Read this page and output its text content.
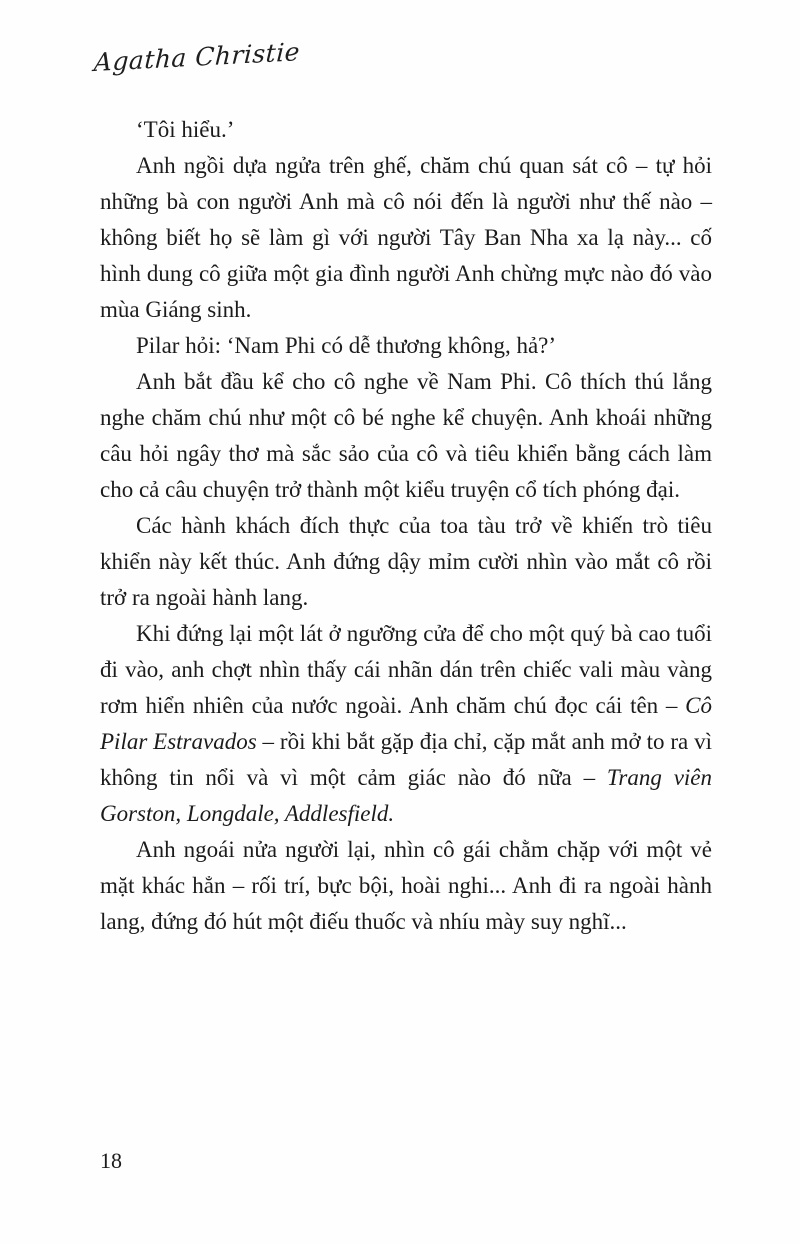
Agatha Christie

‘Tôi hiểu.’

Anh ngồi dựa ngửa trên ghế, chăm chú quan sát cô – tự hỏi những bà con người Anh mà cô nói đến là người như thế nào – không biết họ sẽ làm gì với người Tây Ban Nha xa lạ này... cố hình dung cô giữa một gia đình người Anh chừng mực nào đó vào mùa Giáng sinh.

Pilar hỏi: ‘Nam Phi có dễ thương không, hả?’

Anh bắt đầu kể cho cô nghe về Nam Phi. Cô thích thú lắng nghe chăm chú như một cô bé nghe kể chuyện. Anh khoái những câu hỏi ngây thơ mà sắc sảo của cô và tiêu khiển bằng cách làm cho cả câu chuyện trở thành một kiểu truyện cổ tích phóng đại.

Các hành khách đích thực của toa tàu trở về khiến trò tiêu khiển này kết thúc. Anh đứng dậy mỉm cười nhìn vào mắt cô rồi trở ra ngoài hành lang.

Khi đứng lại một lát ở ngưỡng cửa để cho một quý bà cao tuổi đi vào, anh chợt nhìn thấy cái nhãn dán trên chiếc vali màu vàng rơm hiển nhiên của nước ngoài. Anh chăm chú đọc cái tên – Cô Pilar Estravados – rồi khi bắt gặp địa chỉ, cặp mắt anh mở to ra vì không tin nổi và vì một cảm giác nào đó nữa – Trang viên Gorston, Longdale, Addlesfield.

Anh ngoái nửa người lại, nhìn cô gái chằm chặp với một vẻ mặt khác hẳn – rối trí, bực bội, hoài nghi... Anh đi ra ngoài hành lang, đứng đó hút một điếu thuốc và nhíu mày suy nghĩ...

18
